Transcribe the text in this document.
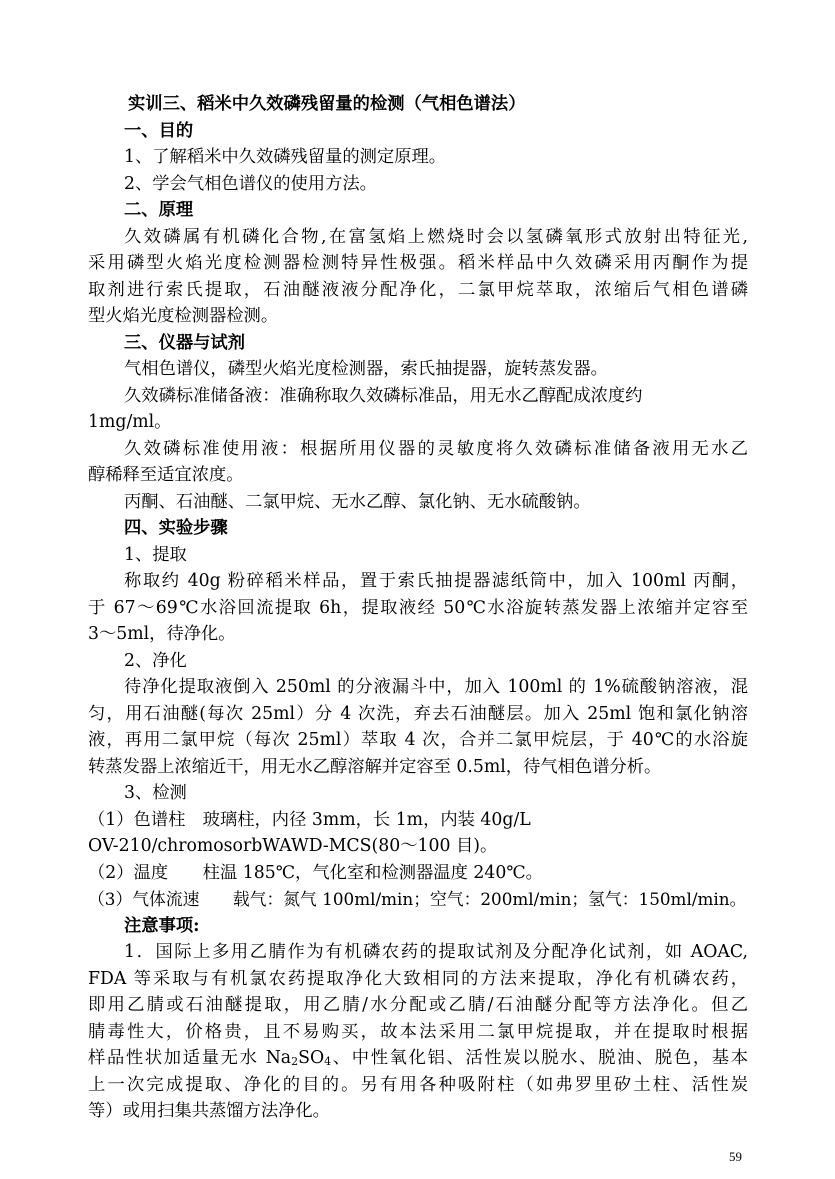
实训三、稻米中久效磷残留量的检测（气相色谱法）
一、目的
1、了解稻米中久效磷残留量的测定原理。
2、学会气相色谱仪的使用方法。
二、原理
久效磷属有机磷化合物,在富氢焰上燃烧时会以氢磷氧形式放射出特征光,
采用磷型火焰光度检测器检测特异性极强。稻米样品中久效磷采用丙酮作为提
取剂进行索氏提取，石油醚液液分配净化，二氯甲烷萃取，浓缩后气相色谱磷
型火焰光度检测器检测。
三、仪器与试剂
气相色谱仪，磷型火焰光度检测器，索氏抽提器，旋转蒸发器。
久效磷标准储备液：准确称取久效磷标准品，用无水乙醇配成浓度约
1mg/ml。
久效磷标准使用液：根据所用仪器的灵敏度将久效磷标准储备液用无水乙
醇稀释至适宜浓度。
丙酮、石油醚、二氯甲烷、无水乙醇、氯化钠、无水硫酸钠。
四、实验步骤
1、提取
称取约 40g 粉碎稻米样品，置于索氏抽提器滤纸筒中，加入 100ml 丙酮，
于 67～69℃水浴回流提取 6h，提取液经 50℃水浴旋转蒸发器上浓缩并定容至
3～5ml，待净化。
2、净化
待净化提取液倒入 250ml 的分液漏斗中，加入 100ml 的 1%硫酸钠溶液，混
匀，用石油醚(每次 25ml）分 4 次洗，弃去石油醚层。加入 25ml 饱和氯化钠溶
液，再用二氯甲烷（每次 25ml）萃取 4 次，合并二氯甲烷层，于 40℃的水浴旋
转蒸发器上浓缩近干，用无水乙醇溶解并定容至 0.5ml，待气相色谱分析。
3、检测
（1）色谱柱　玻璃柱，内径 3mm，长 1m，内装 40g/L
OV-210/chromosorbWAWD-MCS(80～100 目)。
（2）温度　　柱温 185℃，气化室和检测器温度 240℃。
（3）气体流速　　载气：氮气 100ml/min；空气：200ml/min；氢气：150ml/min。
注意事项:
1．国际上多用乙腈作为有机磷农药的提取试剂及分配净化试剂，如 AOAC,
FDA 等采取与有机氯农药提取净化大致相同的方法来提取，净化有机磷农药，
即用乙腈或石油醚提取，用乙腈/水分配或乙腈/石油醚分配等方法净化。但乙
腈毒性大，价格贵，且不易购买，故本法采用二氯甲烷提取，并在提取时根据
样品性状加适量无水 $Na_2SO_4$、中性氧化铝、活性炭以脱水、脱油、脱色，基本
上一次完成提取、净化的目的。另有用各种吸附柱（如弗罗里矽土柱、活性炭
等）或用扫集共蒸馏方法净化。
59
